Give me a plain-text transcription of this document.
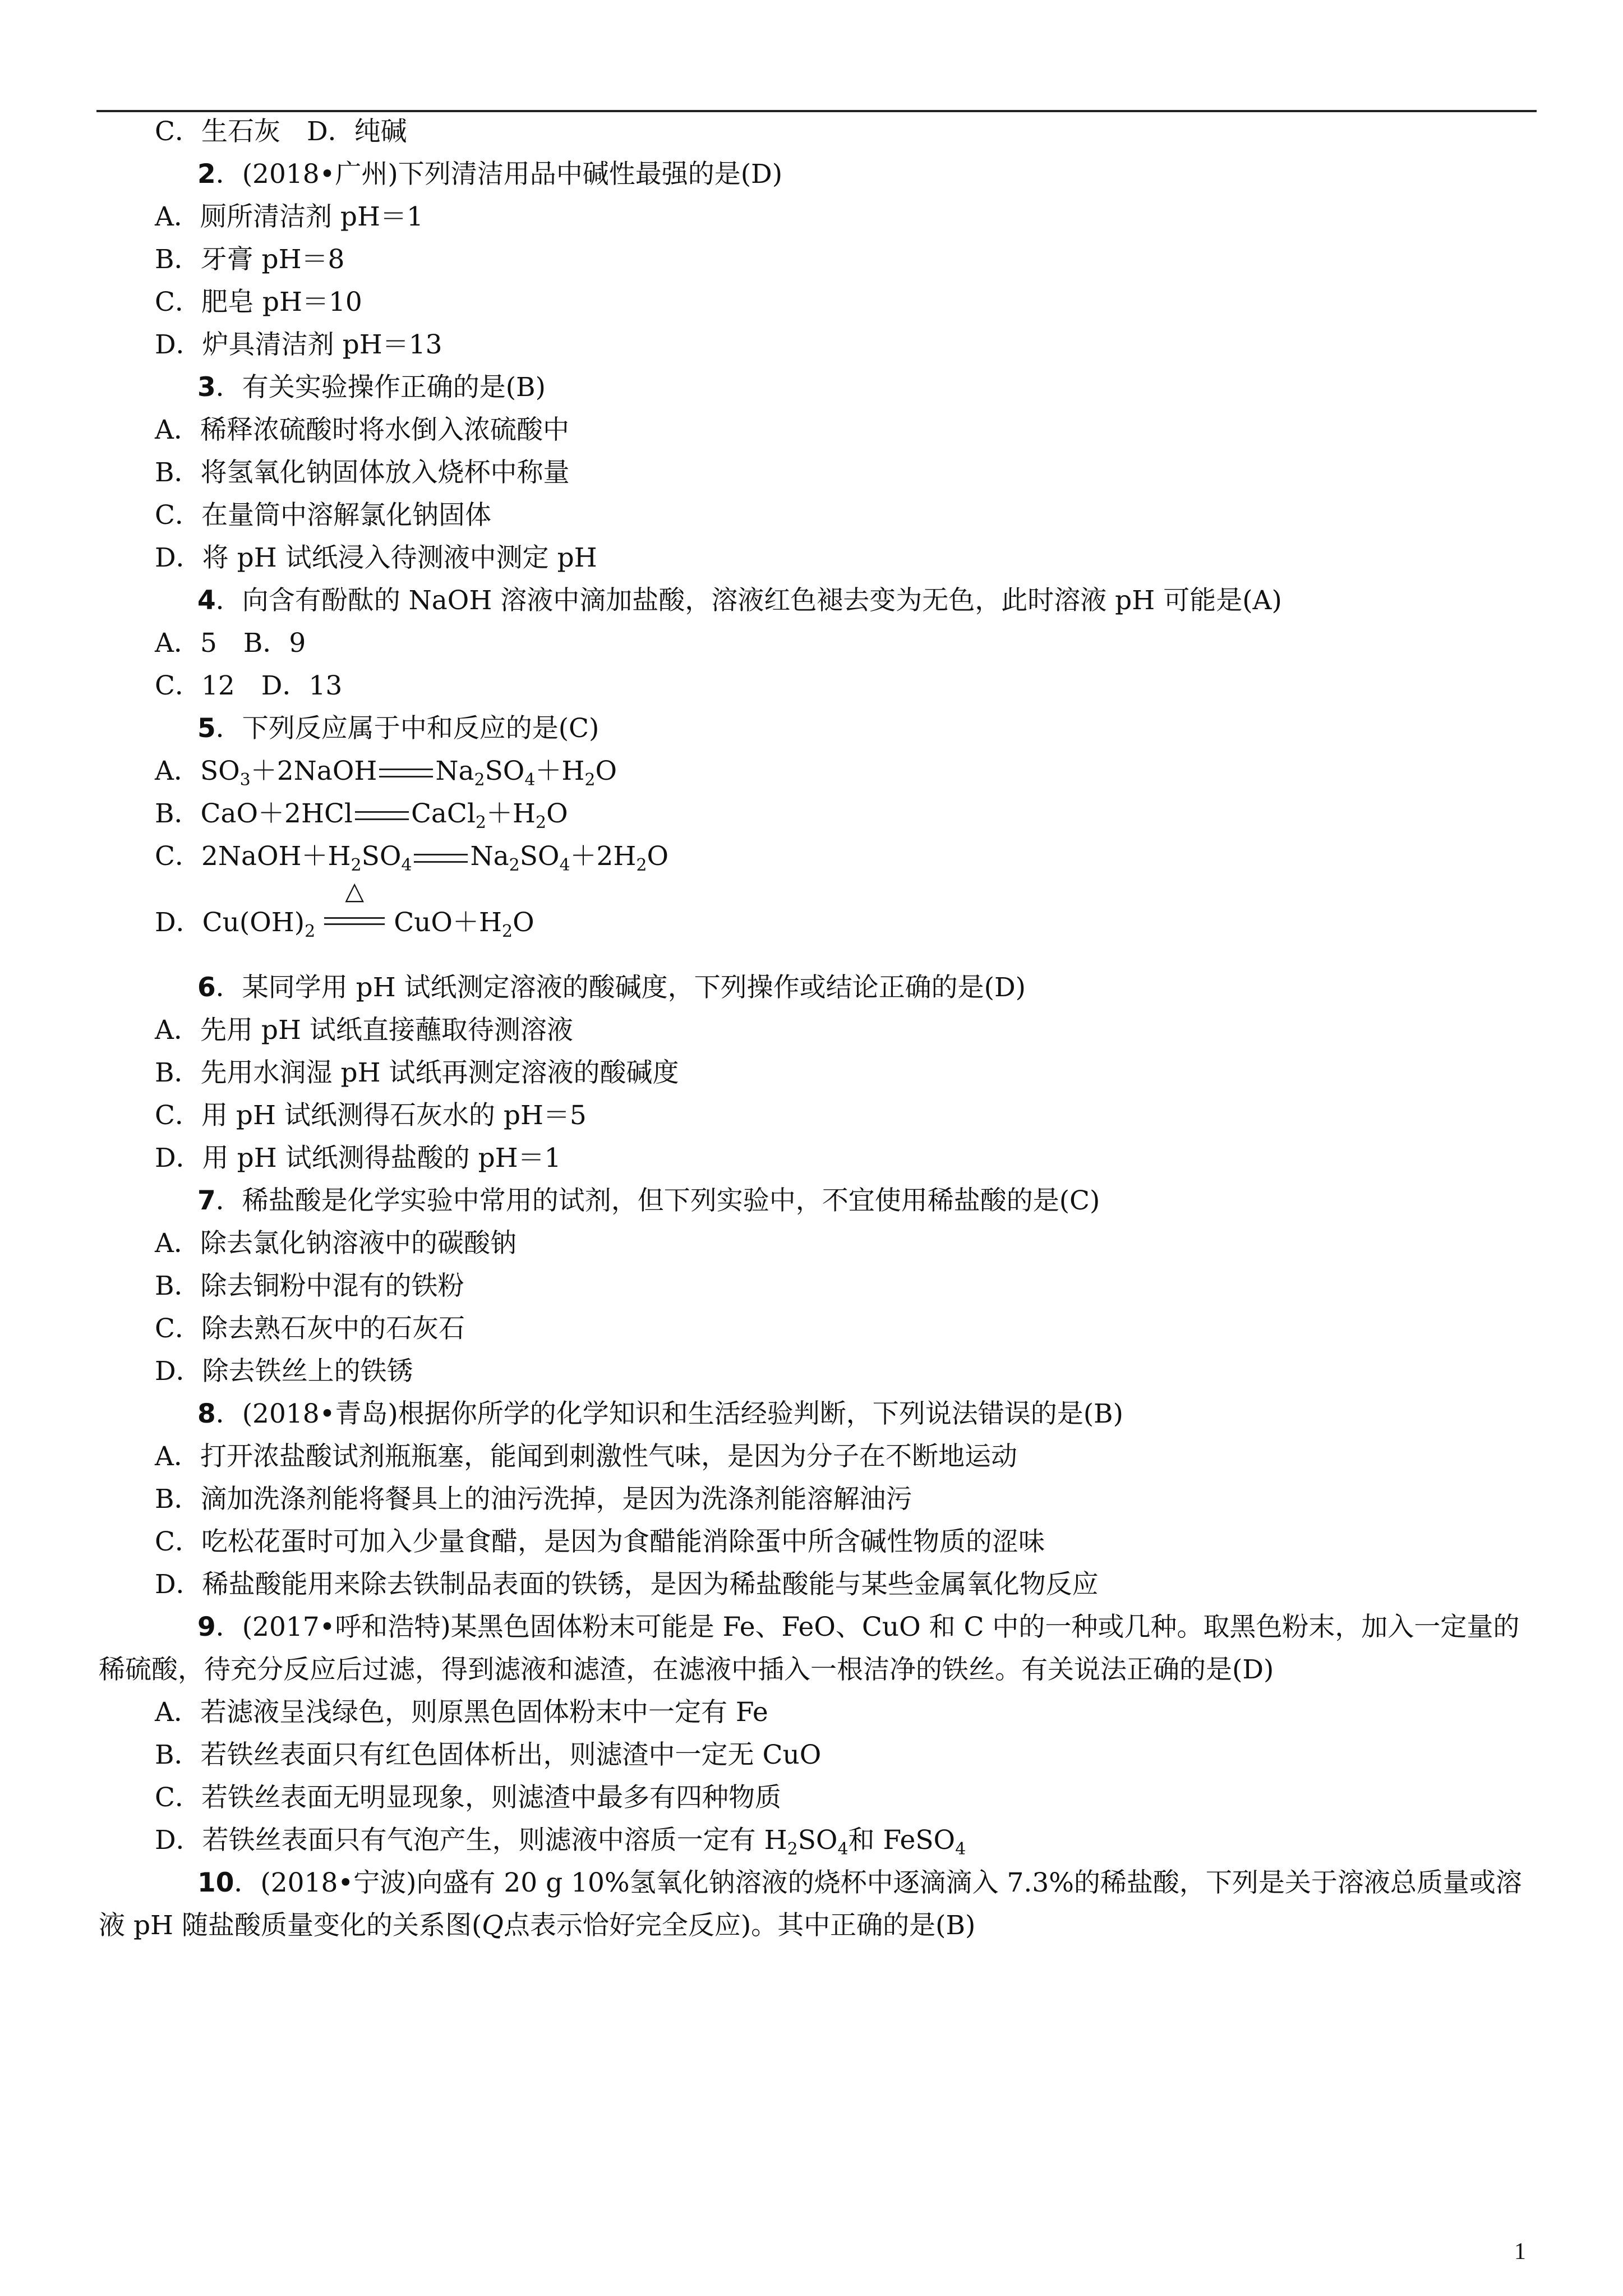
C．生石灰　D．纯碱
2．(2018•广州)下列清洁用品中碱性最强的是(D)
A．厕所清洁剂 pH＝1
B．牙膏 pH＝8
C．肥皂 pH＝10
D．炉具清洁剂 pH＝13
3．有关实验操作正确的是(B)
A．稀释浓硫酸时将水倒入浓硫酸中
B．将氢氧化钠固体放入烧杯中称量
C．在量筒中溶解氯化钠固体
D．将 pH 试纸浸入待测液中测定 pH
4．向含有酚酞的 NaOH 溶液中滴加盐酸，溶液红色褪去变为无色，此时溶液 pH 可能是(A)
A．5　B．9
C．12　D．13
5．下列反应属于中和反应的是(C)
A．$SO_3+2NaOH$ $Na_2SO_4+H_2O$
B．CaO＋2HCl $CaCl_2+H_2O$
C．$2NaOH+H_2SO_4$ $Na_2SO_4+2H_2O$
D．$Cu(OH)_2$
△
$CuO+H_2O$
6．某同学用 pH 试纸测定溶液的酸碱度，下列操作或结论正确的是(D)
A．先用 pH 试纸直接蘸取待测溶液
B．先用水润湿 pH 试纸再测定溶液的酸碱度
C．用 pH 试纸测得石灰水的 pH＝5
D．用 pH 试纸测得盐酸的 pH＝1
7．稀盐酸是化学实验中常用的试剂，但下列实验中，不宜使用稀盐酸的是(C)
A．除去氯化钠溶液中的碳酸钠
B．除去铜粉中混有的铁粉
C．除去熟石灰中的石灰石
D．除去铁丝上的铁锈
8．(2018•青岛)根据你所学的化学知识和生活经验判断，下列说法错误的是(B)
A．打开浓盐酸试剂瓶瓶塞，能闻到刺激性气味，是因为分子在不断地运动
B．滴加洗涤剂能将餐具上的油污洗掉，是因为洗涤剂能溶解油污
C．吃松花蛋时可加入少量食醋，是因为食醋能消除蛋中所含碱性物质的涩味
D．稀盐酸能用来除去铁制品表面的铁锈，是因为稀盐酸能与某些金属氧化物反应
9．(2017•呼和浩特)某黑色固体粉末可能是 Fe、FeO、CuO 和 C 中的一种或几种。取黑色粉末，加入一定量的
稀硫酸，待充分反应后过滤，得到滤液和滤渣，在滤液中插入一根洁净的铁丝。有关说法正确的是(D)
A．若滤液呈浅绿色，则原黑色固体粉末中一定有 Fe
B．若铁丝表面只有红色固体析出，则滤渣中一定无 CuO
C．若铁丝表面无明显现象，则滤渣中最多有四种物质
D．若铁丝表面只有气泡产生，则滤液中溶质一定有 $H_2SO_4$和 FeSO$_4$
10．(2018•宁波)向盛有 20 g 10%氢氧化钠溶液的烧杯中逐滴滴入 7.3%的稀盐酸，下列是关于溶液总质量或溶
液 pH 随盐酸质量变化的关系图(Q点表示恰好完全反应)。其中正确的是(B)
1
